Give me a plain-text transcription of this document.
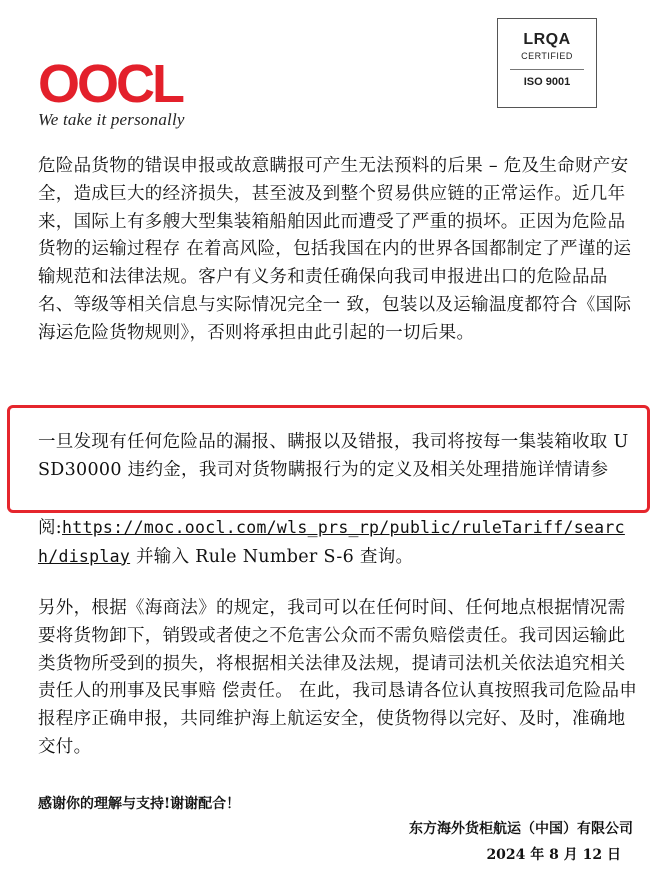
OOCL
We take it personally
LRQA
CERTIFIED
ISO 9001
危险品货物的错误申报或故意瞒报可产生无法预料的后果 – 危及生命财产安全，造成巨大的经济损失，甚至波及到整个贸易供应链的正常运作。近几年来，国际上有多艘大型集装箱船舶因此而遭受了严重的损坏。正因为危险品货物的运输过程存 在着高风险，包括我国在内的世界各国都制定了严谨的运输规范和法律法规。客户有义务和责任确保向我司申报进出口的危险品品名、等级等相关信息与实际情况完全一 致，包装以及运输温度都符合《国际海运危险货物规则》，否则将承担由此引起的一切后果。
一旦发现有任何危险品的漏报、瞒报以及错报，我司将按每一集装箱收取 USD30000 违约金，我司对货物瞒报行为的定义及相关处理措施详情请参
阅:https://moc.oocl.com/wls_prs_rp/public/ruleTariff/search/display 并输入 Rule Number S-6 查询。
另外，根据《海商法》的规定，我司可以在任何时间、任何地点根据情况需要将货物卸下，销毁或者使之不危害公众而不需负赔偿责任。我司因运输此类货物所受到的损失，将根据相关法律及法规，提请司法机关依法追究相关责任人的刑事及民事赔 偿责任。 在此，我司恳请各位认真按照我司危险品申报程序正确申报，共同维护海上航运安全，使货物得以完好、及时，准确地交付。
感谢你的理解与支持!谢谢配合！
东方海外货柜航运（中国）有限公司
2024 年 8 月 12 日
